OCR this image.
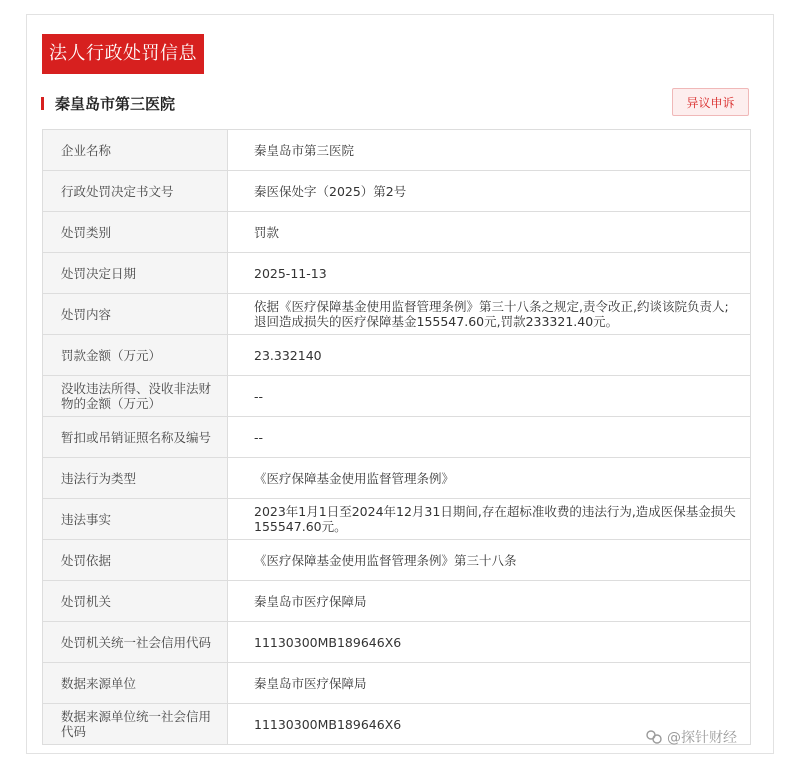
法人行政处罚信息
秦皇岛市第三医院	异议申诉
企业名称	秦皇岛市第三医院
行政处罚决定书文号	秦医保处字（2025）第2号
处罚类别	罚款
处罚决定日期	2025-11-13
处罚内容	依据《医疗保障基金使用监督管理条例》第三十八条之规定,责令改正,约谈该院负责人;退回造成损失的医疗保障基金155547.60元,罚款233321.40元。
罚款金额（万元）	23.332140
没收违法所得、没收非法财物的金额（万元）	--
暂扣或吊销证照名称及编号	--
违法行为类型	《医疗保障基金使用监督管理条例》
违法事实	2023年1月1日至2024年12月31日期间,存在超标准收费的违法行为,造成医保基金损失155547.60元。
处罚依据	《医疗保障基金使用监督管理条例》第三十八条
处罚机关	秦皇岛市医疗保障局
处罚机关统一社会信用代码	11130300MB189646X6
数据来源单位	秦皇岛市医疗保障局
数据来源单位统一社会信用代码	11130300MB189646X6
@探针财经
